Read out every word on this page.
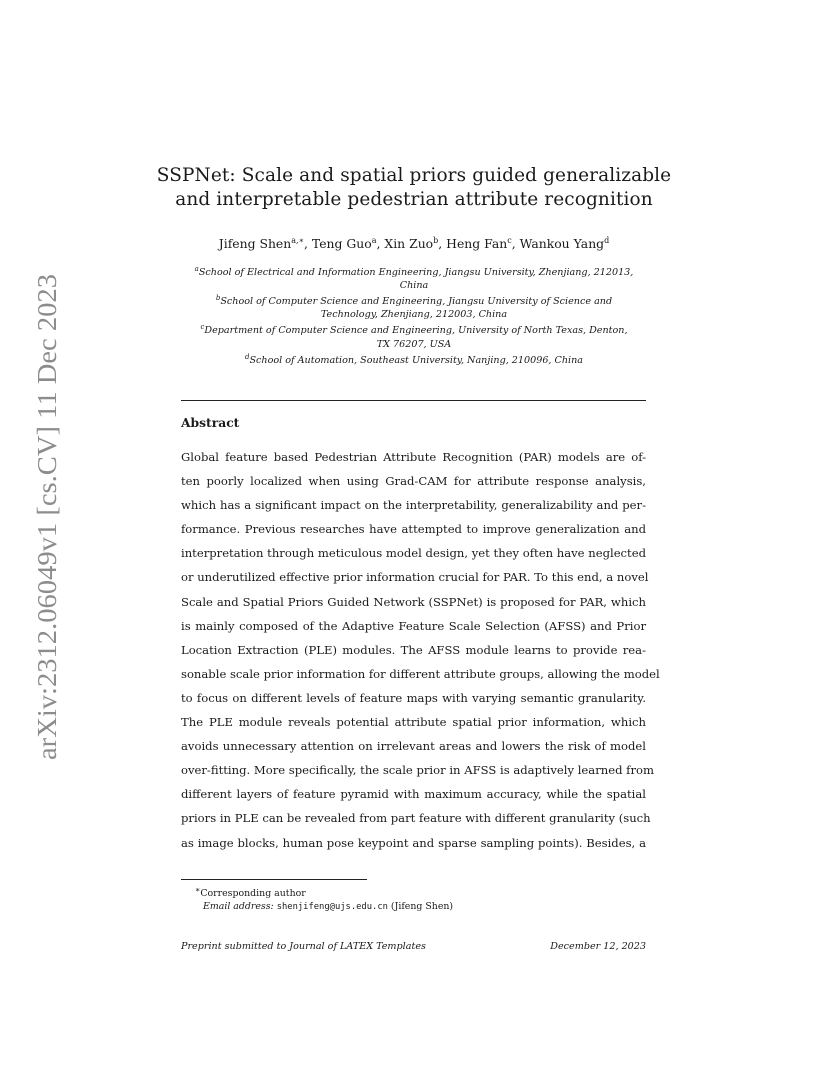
arXiv:2312.06049v1 [cs.CV] 11 Dec 2023
SSPNet: Scale and spatial priors guided generalizable
and interpretable pedestrian attribute recognition
Jifeng Shen$^{a,∗}$, Teng Guo$^a$, Xin Zuo$^b$, Heng Fan$^c$, Wankou Yang$^d$
$^a$School of Electrical and Information Engineering, Jiangsu University, Zhenjiang, 212013,
China
$^b$School of Computer Science and Engineering, Jiangsu University of Science and
Technology, Zhenjiang, 212003, China
$^c$Department of Computer Science and Engineering, University of North Texas, Denton,
TX 76207, USA
$^d$School of Automation, Southeast University, Nanjing, 210096, China
Abstract
Global feature based Pedestrian Attribute Recognition (PAR) models are of-
ten poorly localized when using Grad-CAM for attribute response analysis,
which has a significant impact on the interpretability, generalizability and per-
formance. Previous researches have attempted to improve generalization and
interpretation through meticulous model design, yet they often have neglected
or underutilized effective prior information crucial for PAR. To this end, a novel
Scale and Spatial Priors Guided Network (SSPNet) is proposed for PAR, which
is mainly composed of the Adaptive Feature Scale Selection (AFSS) and Prior
Location Extraction (PLE) modules. The AFSS module learns to provide rea-
sonable scale prior information for different attribute groups, allowing the model
to focus on different levels of feature maps with varying semantic granularity.
The PLE module reveals potential attribute spatial prior information, which
avoids unnecessary attention on irrelevant areas and lowers the risk of model
over-fitting. More specifically, the scale prior in AFSS is adaptively learned from
different layers of feature pyramid with maximum accuracy, while the spatial
priors in PLE can be revealed from part feature with different granularity (such
as image blocks, human pose keypoint and sparse sampling points). Besides, a
∗Corresponding author
Email address: shenjifeng@ujs.edu.cn (Jifeng Shen)
Preprint submitted to Journal of LATEX Templates	December 12, 2023
